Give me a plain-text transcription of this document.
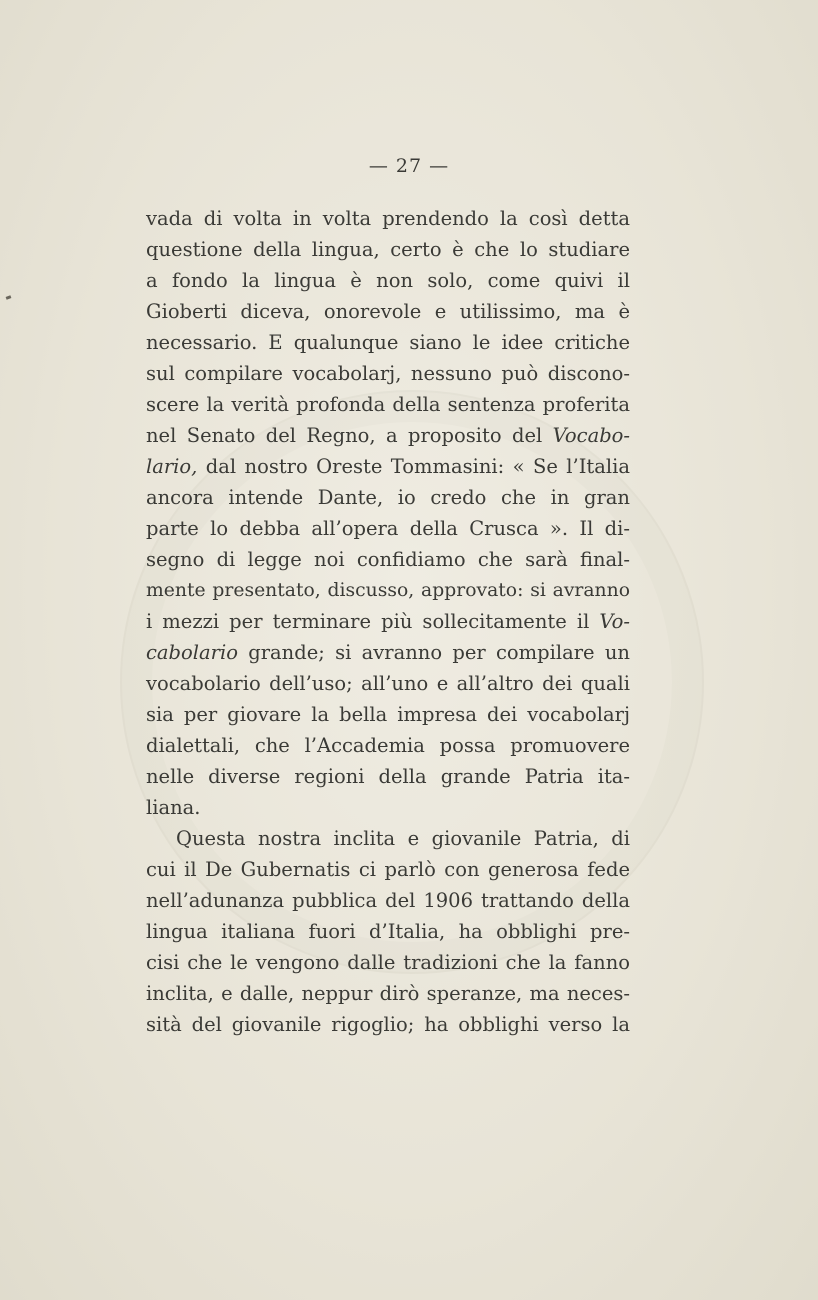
— 27 —
vada di volta in volta prendendo la così detta
questione della lingua, certo è che lo studiare
a fondo la lingua è non solo, come quivi il
Gioberti diceva, onorevole e utilissimo, ma è
necessario. E qualunque siano le idee critiche
sul compilare vocabolarj, nessuno può discono-
scere la verità profonda della sentenza proferita
nel Senato del Regno, a proposito del Vocabo-
lario, dal nostro Oreste Tommasini: « Se l’Italia
ancora intende Dante, io credo che in gran
parte lo debba all’opera della Crusca ». Il di-
segno di legge noi confidiamo che sarà final-
mente presentato, discusso, approvato: si avranno
i mezzi per terminare più sollecitamente il Vo-
cabolario grande; si avranno per compilare un
vocabolario dell’uso; all’uno e all’altro dei quali
sia per giovare la bella impresa dei vocabolarj
dialettali, che l’Accademia possa promuovere
nelle diverse regioni della grande Patria ita-
liana.
Questa nostra inclita e giovanile Patria, di
cui il De Gubernatis ci parlò con generosa fede
nell’adunanza pubblica del 1906 trattando della
lingua italiana fuori d’Italia, ha obblighi pre-
cisi che le vengono dalle tradizioni che la fanno
inclita, e dalle, neppur dirò speranze, ma neces-
sità del giovanile rigoglio; ha obblighi verso la
